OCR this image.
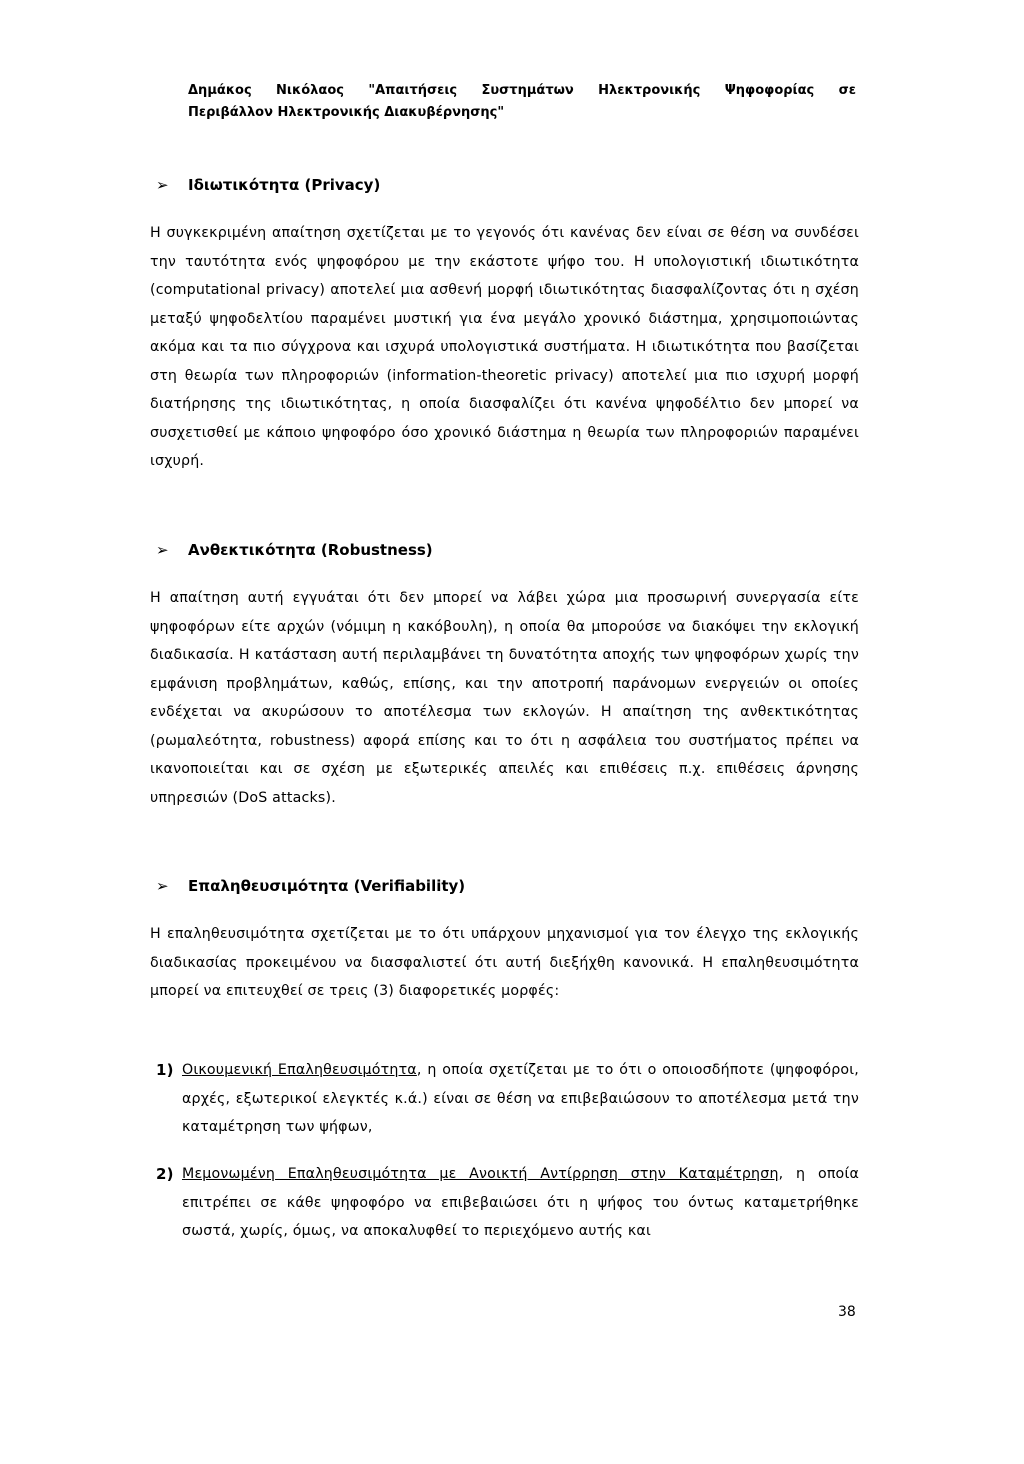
Δημάκος Νικόλαος "Απαιτήσεις Συστημάτων Ηλεκτρονικής Ψηφοφορίας σε
Περιβάλλον Ηλεκτρονικής Διακυβέρνησης"
➢ Ιδιωτικότητα (Privacy)
Η συγκεκριμένη απαίτηση σχετίζεται με το γεγονός ότι κανένας δεν είναι σε θέση να συνδέσει την ταυτότητα ενός ψηφοφόρου με την εκάστοτε ψήφο του. Η υπολογιστική ιδιωτικότητα (computational privacy) αποτελεί μια ασθενή μορφή ιδιωτικότητας διασφαλίζοντας ότι η σχέση μεταξύ ψηφοδελτίου παραμένει μυστική για ένα μεγάλο χρονικό διάστημα, χρησιμοποιώντας ακόμα και τα πιο σύγχρονα και ισχυρά υπολογιστικά συστήματα. Η ιδιωτικότητα που βασίζεται στη θεωρία των πληροφοριών (information-theoretic privacy) αποτελεί μια πιο ισχυρή μορφή διατήρησης της ιδιωτικότητας, η οποία διασφαλίζει ότι κανένα ψηφοδέλτιο δεν μπορεί να συσχετισθεί με κάποιο ψηφοφόρο όσο χρονικό διάστημα η θεωρία των πληροφοριών παραμένει ισχυρή.
➢ Ανθεκτικότητα (Robustness)
Η απαίτηση αυτή εγγυάται ότι δεν μπορεί να λάβει χώρα μια προσωρινή συνεργασία είτε ψηφοφόρων είτε αρχών (νόμιμη η κακόβουλη), η οποία θα μπορούσε να διακόψει την εκλογική διαδικασία. Η κατάσταση αυτή περιλαμβάνει τη δυνατότητα αποχής των ψηφοφόρων χωρίς την εμφάνιση προβλημάτων, καθώς, επίσης, και την αποτροπή παράνομων ενεργειών οι οποίες ενδέχεται να ακυρώσουν το αποτέλεσμα των εκλογών. Η απαίτηση της ανθεκτικότητας (ρωμαλεότητα, robustness) αφορά επίσης και το ότι η ασφάλεια του συστήματος πρέπει να ικανοποιείται και σε σχέση με εξωτερικές απειλές και επιθέσεις π.χ. επιθέσεις άρνησης υπηρεσιών (DoS attacks).
➢ Επαληθευσιμότητα (Verifiability)
Η επαληθευσιμότητα σχετίζεται με το ότι υπάρχουν μηχανισμοί για τον έλεγχο της εκλογικής διαδικασίας προκειμένου να διασφαλιστεί ότι αυτή διεξήχθη κανονικά. Η επαληθευσιμότητα μπορεί να επιτευχθεί σε τρεις (3) διαφορετικές μορφές:
1) Οικουμενική Επαληθευσιμότητα, η οποία σχετίζεται με το ότι ο οποιοσδήποτε (ψηφοφόροι, αρχές, εξωτερικοί ελεγκτές κ.ά.) είναι σε θέση να επιβεβαιώσουν το αποτέλεσμα μετά την καταμέτρηση των ψήφων,
2) Μεμονωμένη Επαληθευσιμότητα με Ανοικτή Αντίρρηση στην Καταμέτρηση, η οποία επιτρέπει σε κάθε ψηφοφόρο να επιβεβαιώσει ότι η ψήφος του όντως καταμετρήθηκε σωστά, χωρίς, όμως, να αποκαλυφθεί το περιεχόμενο αυτής και
38
